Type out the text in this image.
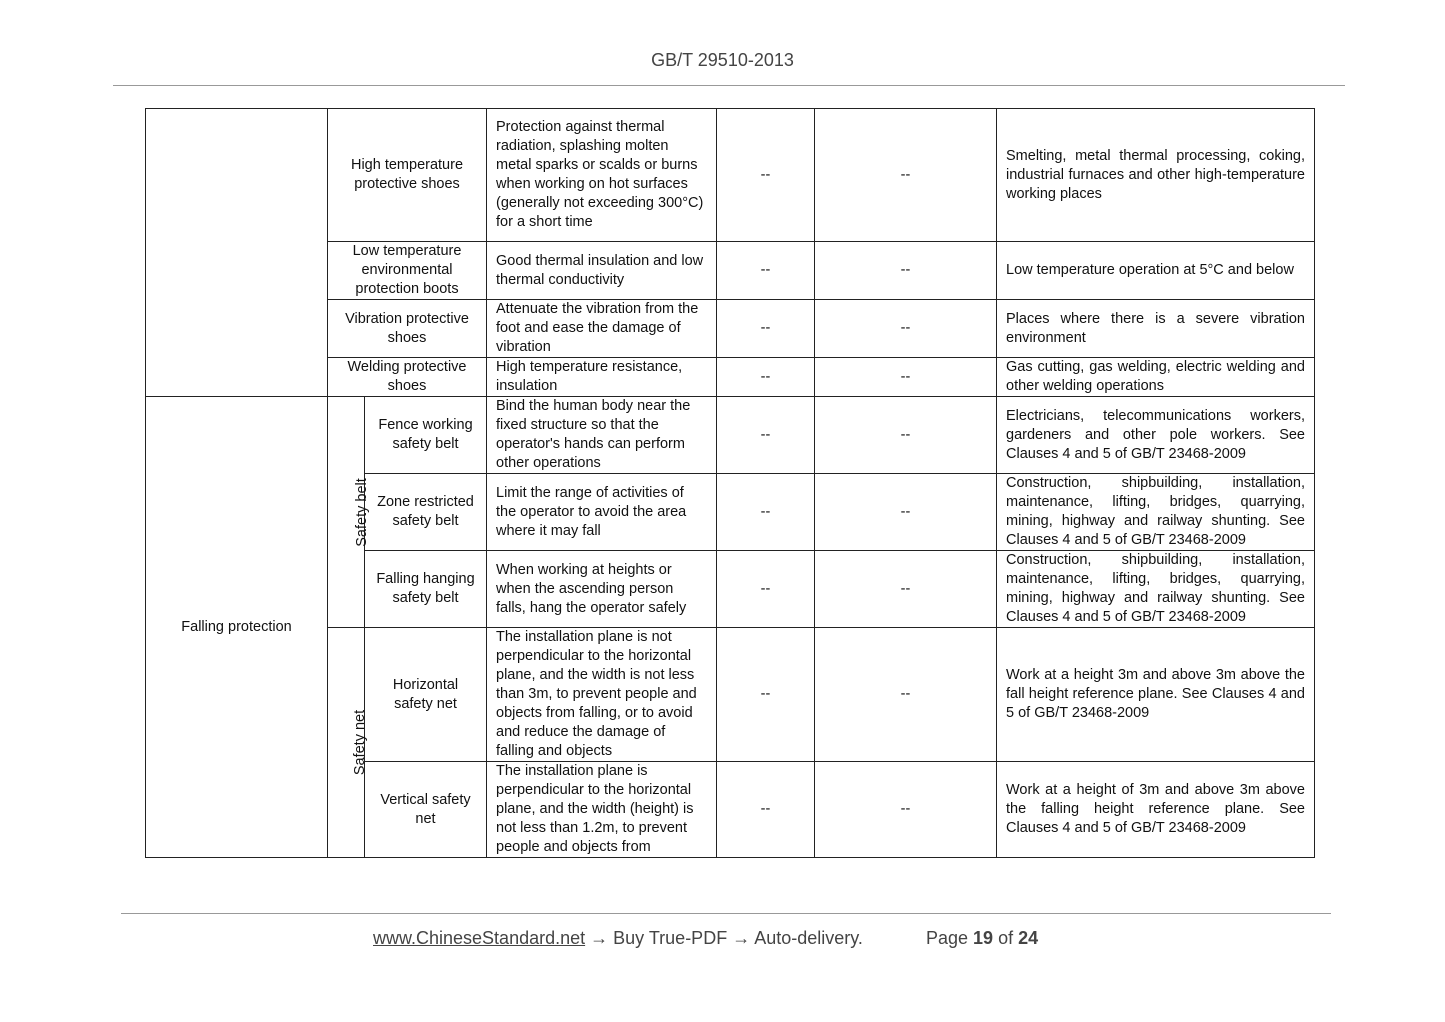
GB/T 29510-2013
	High temperature protective shoes		Protection against thermal radiation, splashing molten metal sparks or scalds or burns when working on hot surfaces (generally not exceeding 300°C) for a short time	--	--	Smelting, metal thermal processing, coking, industrial furnaces and other high-temperature working places
	Low temperature environmental protection boots		Good thermal insulation and low thermal conductivity	--	--	Low temperature operation at 5°C and below
	Vibration protective shoes		Attenuate the vibration from the foot and ease the damage of vibration	--	--	Places where there is a severe vibration environment
	Welding protective shoes		High temperature resistance, insulation	--	--	Gas cutting, gas welding, electric welding and other welding operations
Falling protection	Safety belt	Fence working safety belt	Bind the human body near the fixed structure so that the operator's hands can perform other operations	--	--	Electricians, telecommunications workers, gardeners and other pole workers. See Clauses 4 and 5 of GB/T 23468-2009
		Zone restricted safety belt	Limit the range of activities of the operator to avoid the area where it may fall	--	--	Construction, shipbuilding, installation, maintenance, lifting, bridges, quarrying, mining, highway and railway shunting. See Clauses 4 and 5 of GB/T 23468-2009
		Falling hanging safety belt	When working at heights or when the ascending person falls, hang the operator safely	--	--	Construction, shipbuilding, installation, maintenance, lifting, bridges, quarrying, mining, highway and railway shunting. See Clauses 4 and 5 of GB/T 23468-2009
	Safety net	Horizontal safety net	The installation plane is not perpendicular to the horizontal plane, and the width is not less than 3m, to prevent people and objects from falling, or to avoid and reduce the damage of falling and objects	--	--	Work at a height 3m and above 3m above the fall height reference plane. See Clauses 4 and 5 of GB/T 23468-2009
		Vertical safety net	The installation plane is perpendicular to the horizontal plane, and the width (height) is not less than 1.2m, to prevent people and objects from	--	--	Work at a height of 3m and above 3m above the falling height reference plane. See Clauses 4 and 5 of GB/T 23468-2009
www.ChineseStandard.net → Buy True-PDF → Auto-delivery.	Page 19 of 24
